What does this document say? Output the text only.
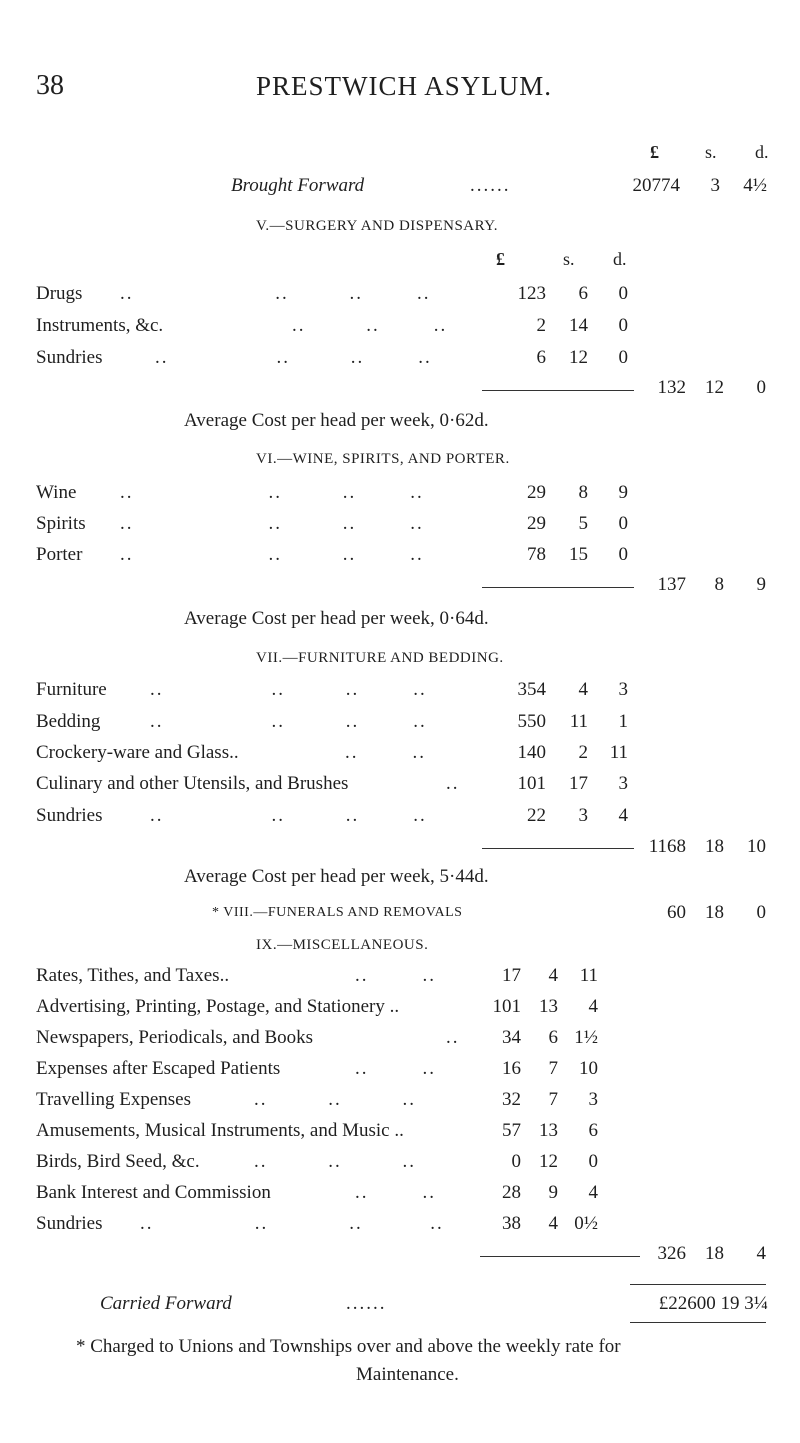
38	PRESTWICH ASYLUM.
£	s. d.
Brought Forward	......	20774	3	4½
V.—SURGERY AND DISPENSARY.
£	s. d.
Drugs ..                     ..         ..        ..	123	6	0
Instruments, &c.	..         ..        ..	2	14	0
Sundries	..                ..         ..        ..	6	12	0
132	12	0
Average Cost per head per week, 0·62d.
VI.—WINE, SPIRITS, AND PORTER.
Wine ..                    ..         ..        ..	29	8	9
Spirits ..                    ..         ..        ..	29	5	0
Porter ..                    ..         ..        ..	78	15	0
137	8	9
Average Cost per head per week, 0·64d.
VII.—FURNITURE AND BEDDING.
Furniture ..                ..         ..        ..	354	4	3
Bedding	..                ..         ..        ..	550	11	1
Crockery-ware and Glass..	..        ..	140	2	11
Culinary and other Utensils, and Brushes	..	101	17	3
Sundries	..                ..         ..        ..	22	3	4
1168	18	10
Average Cost per head per week, 5·44d.
* VIII.—FUNERALS AND REMOVALS	60	18	0
IX.—MISCELLANEOUS.
Rates, Tithes, and Taxes..	..        ..	17	4	11
Advertising, Printing, Postage, and Stationery ..	101 13	4
Newspapers, Periodicals, and Books	..	34	6 1½
Expenses after Escaped Patients	..        ..	16	7	10
Travelling Expenses	..         ..         ..	32	7	3
Amusements, Musical Instruments, and Music ..	57 13	6
Birds, Bird Seed, &c.	..         ..         ..	0 12	0
Bank Interest and Commission	..        ..	28	9	4
Sundries ..               ..            ..          ..	38	4 0½
326	18	4
Carried Forward	......	£22600 19 3¼
* Charged to Unions and Townships over and above the weekly rate for
Maintenance.
